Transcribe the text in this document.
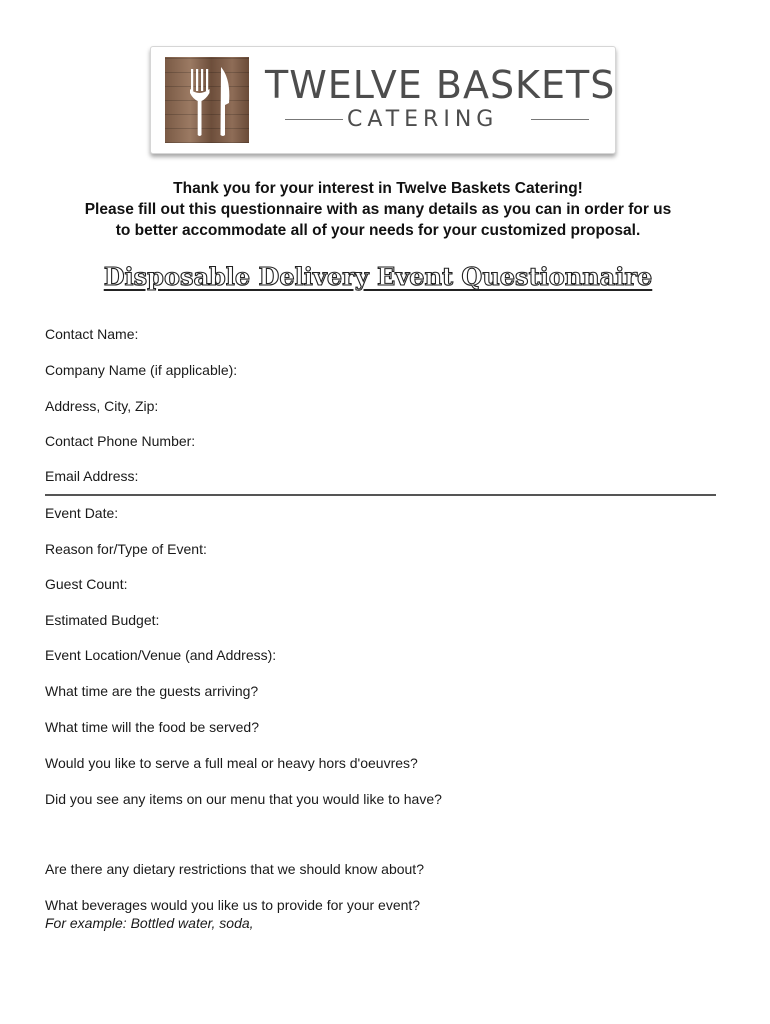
TWELVE BASKETS
CATERING
Thank you for your interest in Twelve Baskets Catering!
Please fill out this questionnaire with as many details as you can in order for us
to better accommodate all of your needs for your customized proposal.
Disposable Delivery Event Questionnaire
Contact Name:
Company Name (if applicable):
Address, City, Zip:
Contact Phone Number:
Email Address:
Event Date:
Reason for/Type of Event:
Guest Count:
Estimated Budget:
Event Location/Venue (and Address):
What time are the guests arriving?
What time will the food be served?
Would you like to serve a full meal or heavy hors d'oeuvres?
Did you see any items on our menu that you would like to have?
Are there any dietary restrictions that we should know about?
What beverages would you like us to provide for your event?
For example: Bottled water, soda,
